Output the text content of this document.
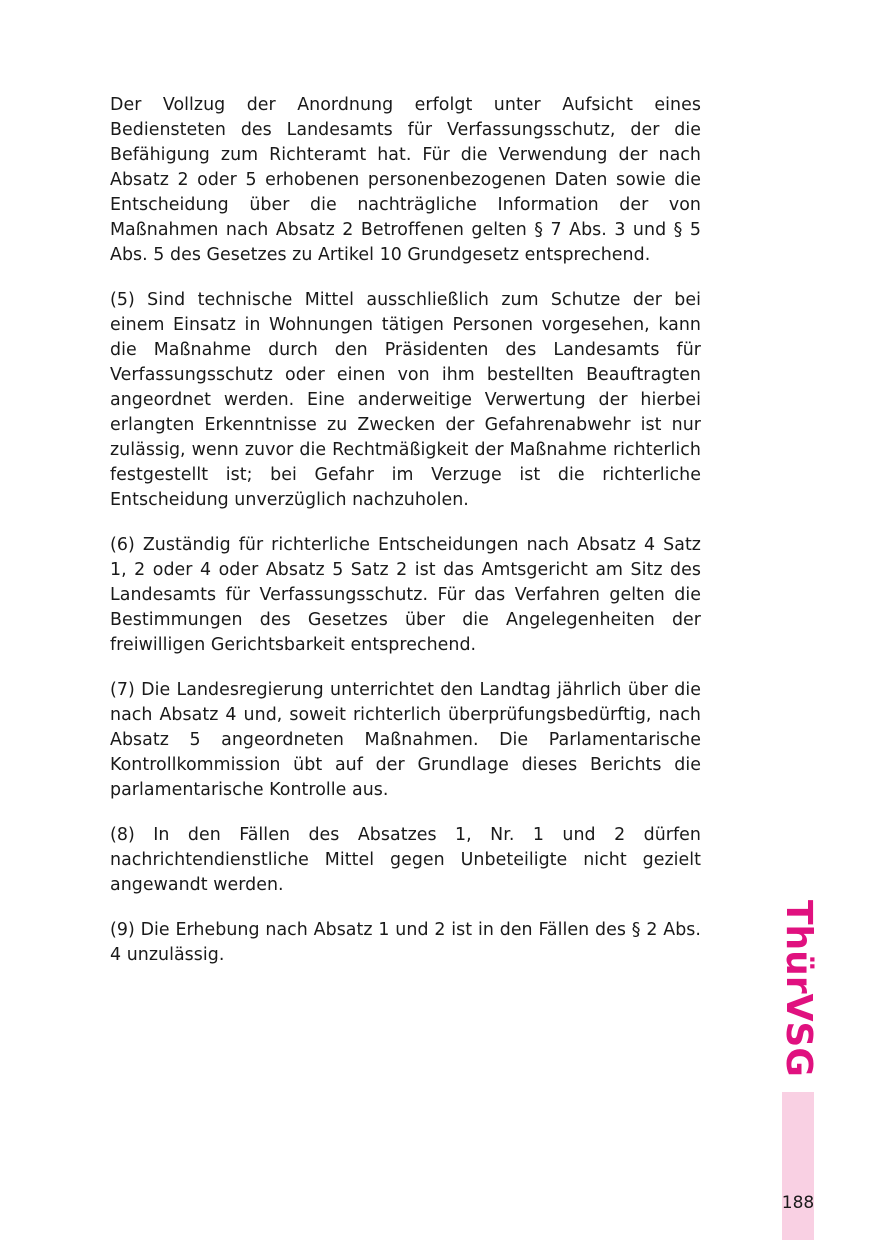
Der Vollzug der Anordnung erfolgt unter Aufsicht eines Bediensteten des Landesamts für Verfassungsschutz, der die Befähigung zum Richteramt hat. Für die Verwendung der nach Absatz 2 oder 5 erhobenen personenbezogenen Daten sowie die Entscheidung über die nachträgliche Information der von Maßnahmen nach Absatz 2 Betroffenen gelten § 7 Abs. 3 und § 5 Abs. 5 des Gesetzes zu Artikel 10 Grundgesetz entsprechend.

(5) Sind technische Mittel ausschließlich zum Schutze der bei einem Einsatz in Wohnungen tätigen Personen vorgesehen, kann die Maßnahme durch den Präsidenten des Landesamts für Verfassungsschutz oder einen von ihm bestellten Beauftragten angeordnet werden. Eine anderweitige Verwertung der hierbei erlangten Erkenntnisse zu Zwecken der Gefahrenabwehr ist nur zulässig, wenn zuvor die Rechtmäßigkeit der Maßnahme richterlich festgestellt ist; bei Gefahr im Verzuge ist die richterliche Entscheidung unverzüglich nachzuholen.

(6) Zuständig für richterliche Entscheidungen nach Absatz 4 Satz 1, 2 oder 4 oder Absatz 5 Satz 2 ist das Amtsgericht am Sitz des Landesamts für Verfassungsschutz. Für das Verfahren gelten die Bestimmungen des Gesetzes über die Angelegenheiten der freiwilligen Gerichtsbarkeit entsprechend.

(7) Die Landesregierung unterrichtet den Landtag jährlich über die nach Absatz 4 und, soweit richterlich überprüfungsbedürftig, nach Absatz 5 angeordneten Maßnahmen. Die Parlamentarische Kontrollkommission übt auf der Grundlage dieses Berichts die parlamentarische Kontrolle aus.

(8) In den Fällen des Absatzes 1, Nr. 1 und 2 dürfen nachrichtendienstliche Mittel gegen Unbeteiligte nicht gezielt angewandt werden.

(9) Die Erhebung nach Absatz 1 und 2 ist in den Fällen des § 2 Abs. 4 unzulässig.	ThürVSG
188
